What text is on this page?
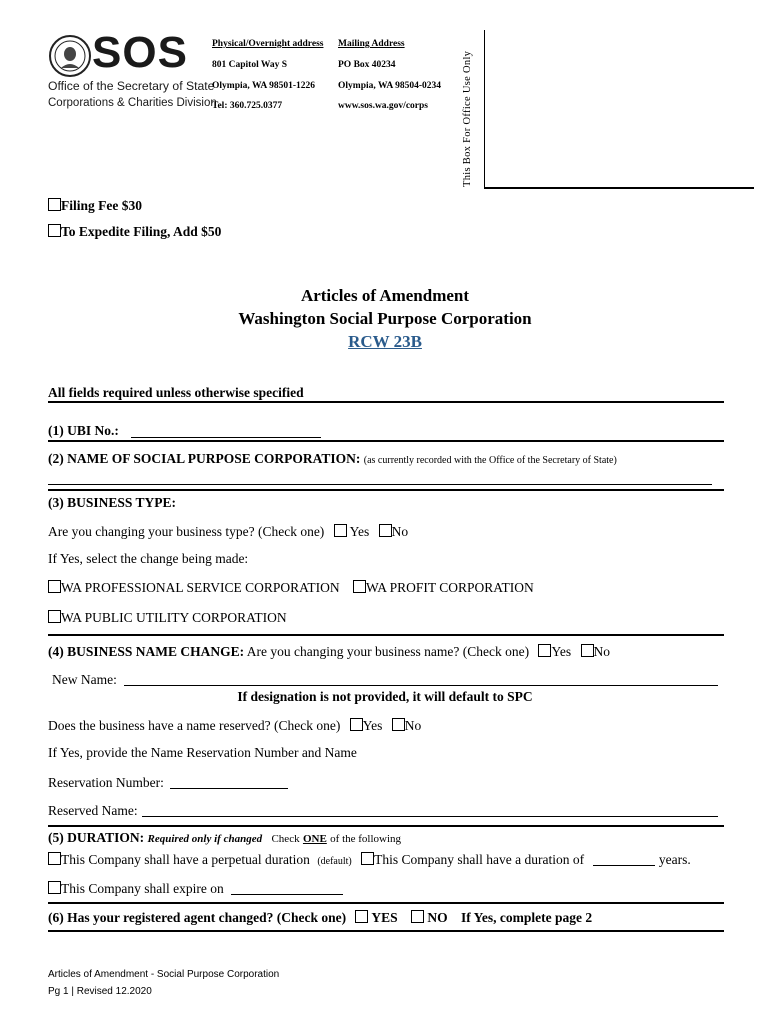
SOS
Office of the Secretary of State
Corporations & Charities Division
Physical/Overnight address
801 Capitol Way S
Olympia, WA 98501-1226
Tel: 360.725.0377
Mailing Address
PO Box 40234
Olympia, WA 98504-0234
www.sos.wa.gov/corps	This Box For Office Use Only
Filing Fee $30
To Expedite Filing, Add $50
Articles of Amendment
Washington Social Purpose Corporation
RCW 23B
All fields required unless otherwise specified
(1) UBI No.:
(2) NAME OF SOCIAL PURPOSE CORPORATION: (as currently recorded with the Office of the Secretary of State)
(3) BUSINESS TYPE:
Are you changing your business type? (Check one) Yes No
If Yes, select the change being made:
WA PROFESSIONAL SERVICE CORPORATION WA PROFIT CORPORATION
WA PUBLIC UTILITY CORPORATION
(4) BUSINESS NAME CHANGE: Are you changing your business name? (Check one) Yes No
New Name:
If designation is not provided, it will default to SPC
Does the business have a name reserved? (Check one) Yes No
If Yes, provide the Name Reservation Number and Name
Reservation Number:
Reserved Name:
(5) DURATION: Required only if changed Check ONE of the following
This Company shall have a perpetual duration (default) This Company shall have a duration of	years.
This Company shall expire on
(6) Has your registered agent changed? (Check one) YES NO If Yes, complete page 2
Articles of Amendment - Social Purpose Corporation
Pg 1 | Revised 12.2020
